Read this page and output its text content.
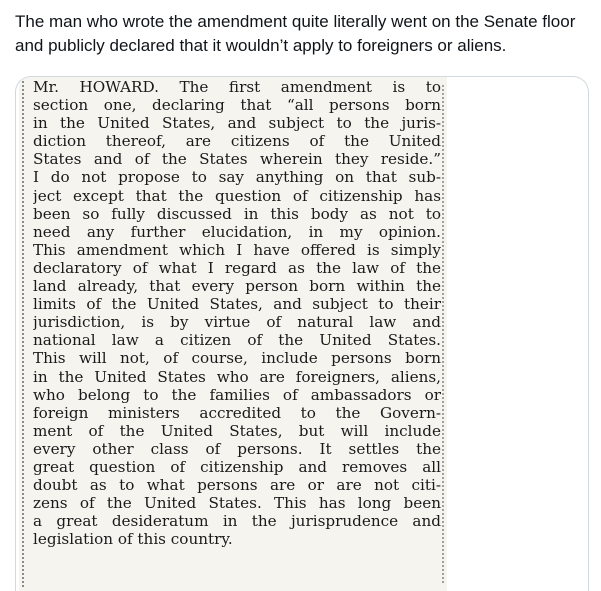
The man who wrote the amendment quite literally went on the Senate floor and publicly declared that it wouldn’t apply to foreigners or aliens.

Mr. HOWARD. The first amendment is to
section one, declaring that “all persons born
in the United States, and subject to the juris-
diction thereof, are citizens of the United
States and of the States wherein they reside.”
I do not propose to say anything on that sub-
ject except that the question of citizenship has
been so fully discussed in this body as not to
need any further elucidation, in my opinion.
This amendment which I have offered is simply
declaratory of what I regard as the law of the
land already, that every person born within the
limits of the United States, and subject to their
jurisdiction, is by virtue of natural law and
national law a citizen of the United States.
This will not, of course, include persons born
in the United States who are foreigners, aliens,
who belong to the families of ambassadors or
foreign ministers accredited to the Govern-
ment of the United States, but will include
every other class of persons. It settles the
great question of citizenship and removes all
doubt as to what persons are or are not citi-
zens of the United States. This has long been
a great desideratum in the jurisprudence and
legislation of this country.
